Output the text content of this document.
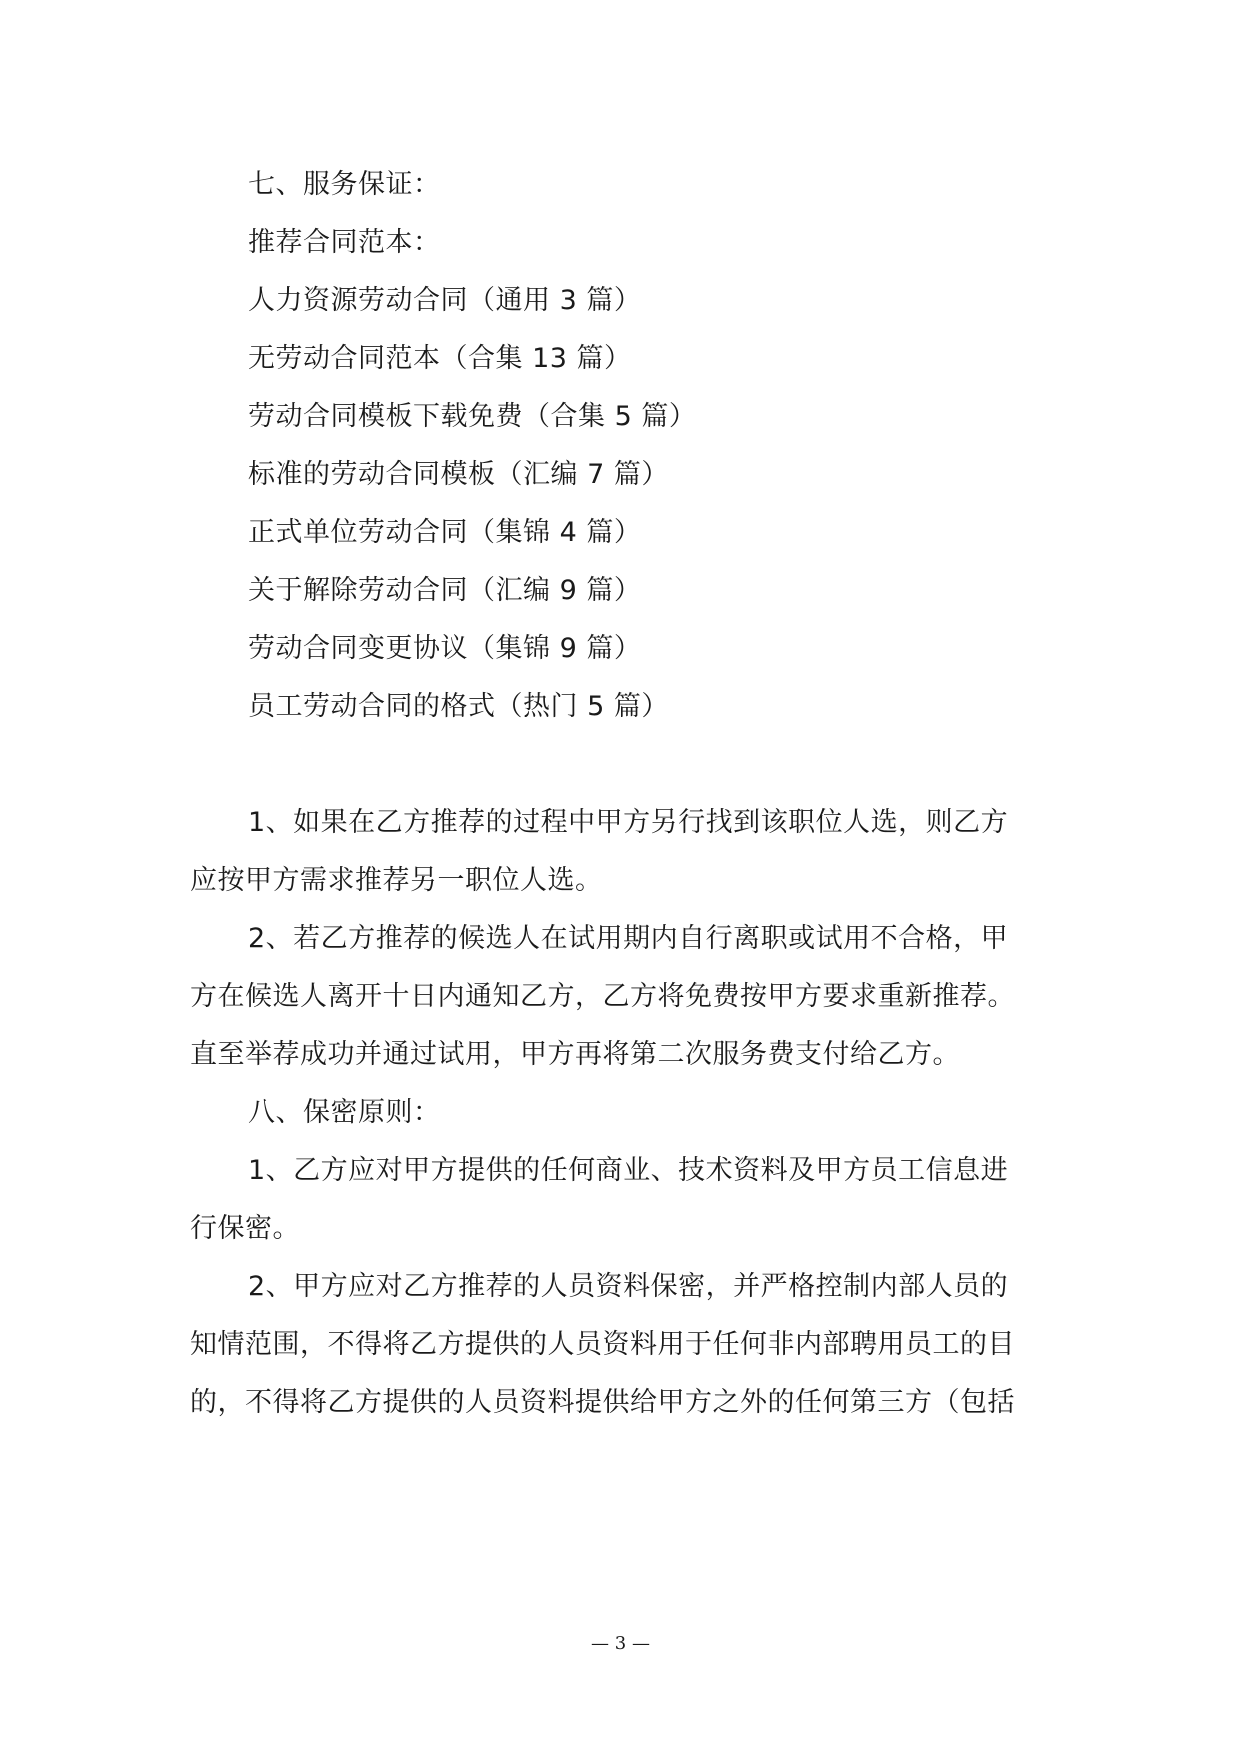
七、服务保证：
推荐合同范本：
人力资源劳动合同（通用 3 篇）
无劳动合同范本（合集 13 篇）
劳动合同模板下载免费（合集 5 篇）
标准的劳动合同模板（汇编 7 篇）
正式单位劳动合同（集锦 4 篇）
关于解除劳动合同（汇编 9 篇）
劳动合同变更协议（集锦 9 篇）
员工劳动合同的格式（热门 5 篇）
1、如果在乙方推荐的过程中甲方另行找到该职位人选，则乙方
应按甲方需求推荐另一职位人选。
2、若乙方推荐的候选人在试用期内自行离职或试用不合格，甲
方在候选人离开十日内通知乙方，乙方将免费按甲方要求重新推荐。
直至举荐成功并通过试用，甲方再将第二次服务费支付给乙方。
八、保密原则：
1、乙方应对甲方提供的任何商业、技术资料及甲方员工信息进
行保密。
2、甲方应对乙方推荐的人员资料保密，并严格控制内部人员的
知情范围，不得将乙方提供的人员资料用于任何非内部聘用员工的目
的，不得将乙方提供的人员资料提供给甲方之外的任何第三方（包括
— 3 —
